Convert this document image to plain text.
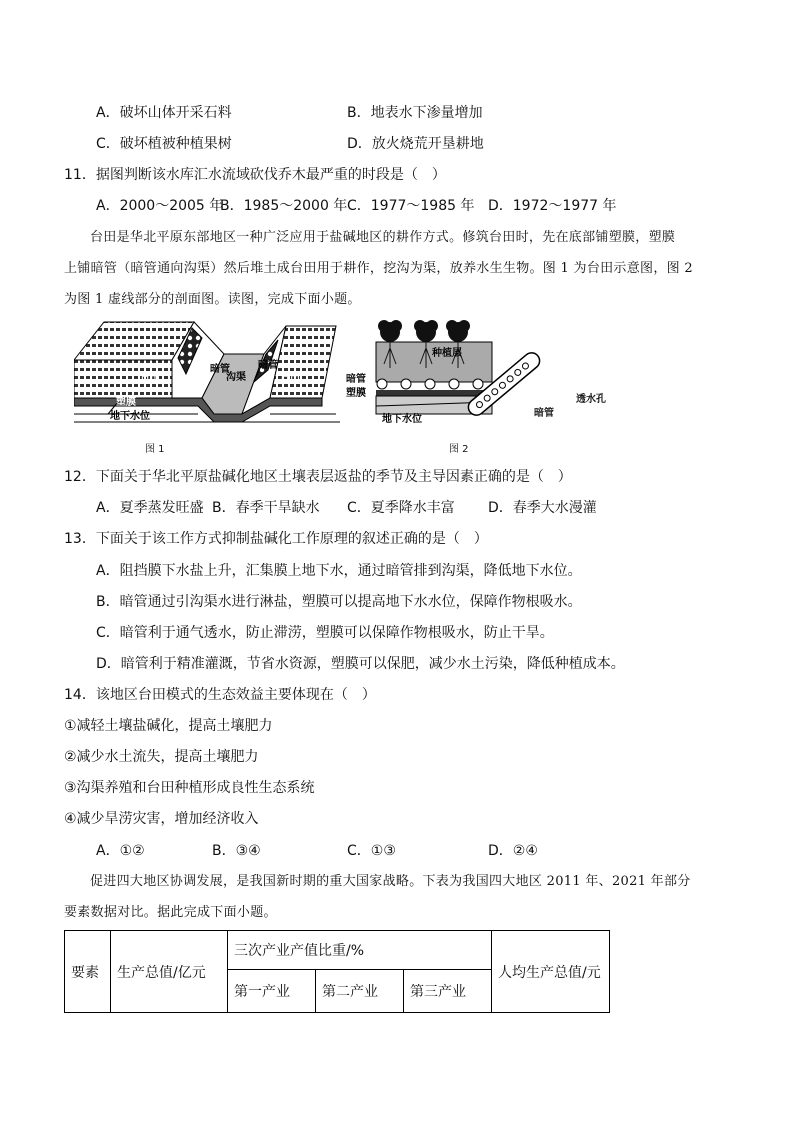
A．破坏山体开采石料	B．地表水下渗量增加
C．破坏植被种植果树	D．放火烧荒开垦耕地
11．据图判断该水库汇水流域砍伐乔木最严重的时段是（　）
A．2000～2005 年
B．1985～2000 年 C．1977～1985 年 D．1972～1977 年
台田是华北平原东部地区一种广泛应用于盐碱地区的耕作方式。修筑台田时，先在底部铺塑膜，塑膜
上铺暗管（暗管通向沟渠）然后堆土成台田用于耕作，挖沟为渠，放养水生生物。图 1 为台田示意图，图 2
为图 1 虚线部分的剖面图。读图，完成下面小题。
暗管
沟渠
暗管
台田	台田
塑膜
地下水位
图 1
种植层
暗管
塑膜
地下水位
透水孔
暗管
图 2
12．下面关于华北平原盐碱化地区土壤表层返盐的季节及主导因素正确的是（　）
A．夏季蒸发旺盛 B．春季干旱缺水 C．夏季降水丰富 D．春季大水漫灌
13．下面关于该工作方式抑制盐碱化工作原理的叙述正确的是（　）
A．阻挡膜下水盐上升，汇集膜上地下水，通过暗管排到沟渠，降低地下水位。
B．暗管通过引沟渠水进行淋盐，塑膜可以提高地下水水位，保障作物根吸水。
C．暗管利于通气透水，防止滞涝，塑膜可以保障作物根吸水，防止干旱。
D．暗管利于精准灌溉，节省水资源，塑膜可以保肥，减少水土污染，降低种植成本。
14．该地区台田模式的生态效益主要体现在（　）
①减轻土壤盐碱化，提高土壤肥力
②减少水土流失，提高土壤肥力
③沟渠养殖和台田种植形成良性生态系统
④减少旱涝灾害，增加经济收入
A．①②	B．③④	C．①③	D．②④
促进四大地区协调发展，是我国新时期的重大国家战略。下表为我国四大地区 2011 年、2021 年部分
要素数据对比。据此完成下面小题。
要素	生产总值/亿元	三次产业产值比重/%			人均生产总值/元
		第一产业	第二产业	第三产业	
